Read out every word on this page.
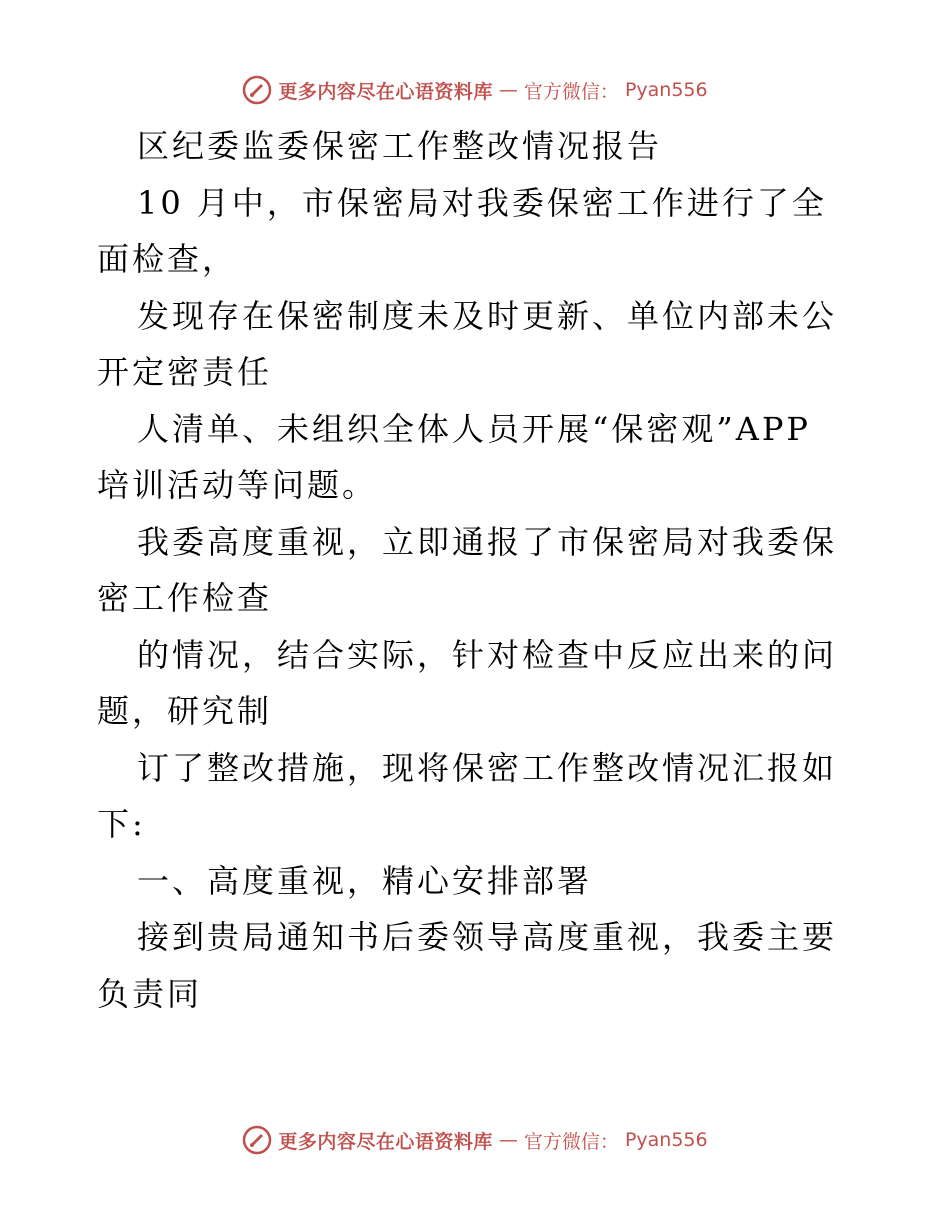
更多内容尽在心语资料库 — 官方微信： Pyan556

区纪委监委保密工作整改情况报告

10 月中，市保密局对我委保密工作进行了全面检查，

发现存在保密制度未及时更新、单位内部未公开定密责任

人清单、未组织全体人员开展“保密观”APP 培训活动等问题。

我委高度重视，立即通报了市保密局对我委保密工作检查

的情况，结合实际，针对检查中反应出来的问题，研究制

订了整改措施，现将保密工作整改情况汇报如下:

一、高度重视，精心安排部署

接到贵局通知书后委领导高度重视，我委主要负责同

更多内容尽在心语资料库 — 官方微信： Pyan556
